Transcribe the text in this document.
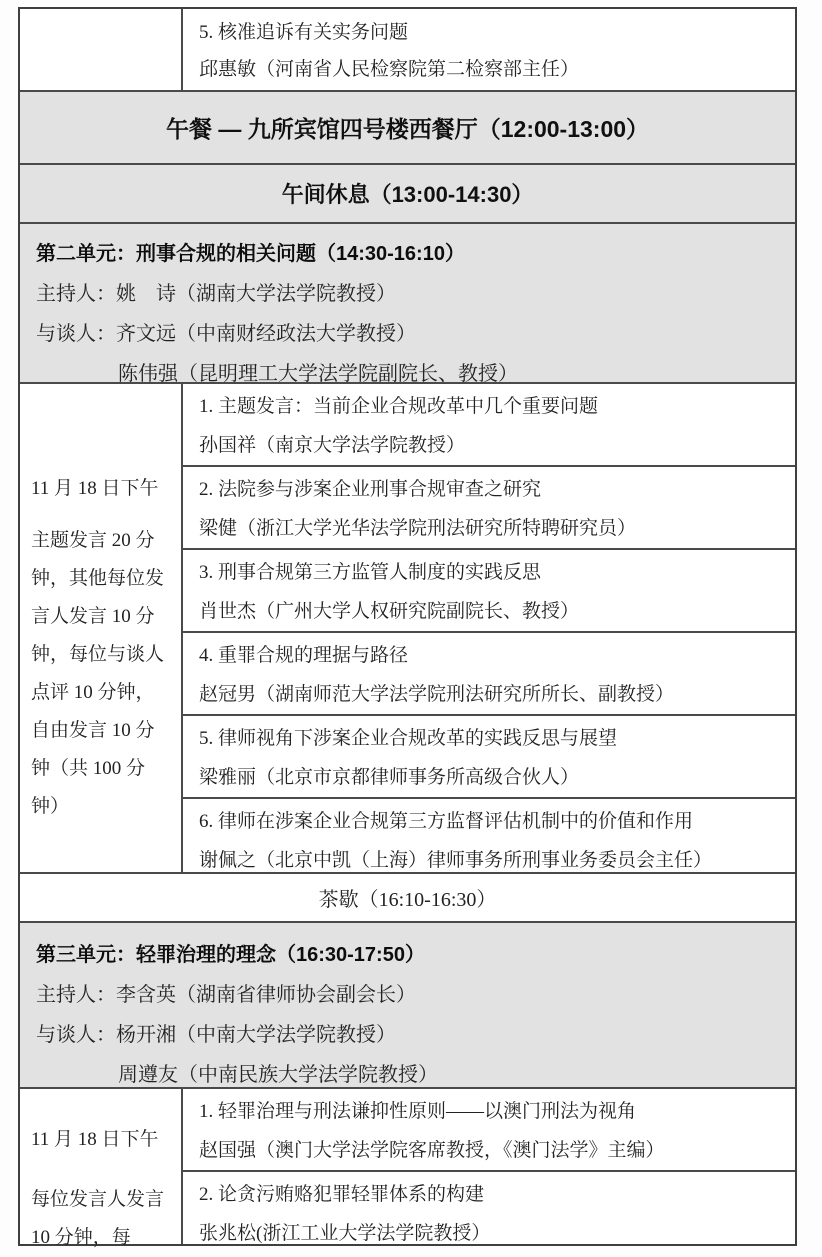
5. 核准追诉有关实务问题

邱惠敏（河南省人民检察院第二检察部主任）

午餐 — 九所宾馆四号楼西餐厅（12:00-13:00）
午间休息（13:00-14:30）

第二单元：刑事合规的相关问题（14:30-16:10）

主持人：姚　诗（湖南大学法学院教授）

与谈人：齐文远（中南财经政法大学教授）

陈伟强（昆明理工大学法学院副院长、教授）

11 月 18 日下午

主题发言 20 分钟，其他每位发言人发言 10 分钟，每位与谈人点评 10 分钟，自由发言 10 分钟（共 100 分钟）

1. 主题发言：当前企业合规改革中几个重要问题

孙国祥（南京大学法学院教授）

2. 法院参与涉案企业刑事合规审查之研究

梁健（浙江大学光华法学院刑法研究所特聘研究员）

3. 刑事合规第三方监管人制度的实践反思

肖世杰（广州大学人权研究院副院长、教授）

4. 重罪合规的理据与路径

赵冠男（湖南师范大学法学院刑法研究所所长、副教授）

5. 律师视角下涉案企业合规改革的实践反思与展望

梁雅丽（北京市京都律师事务所高级合伙人）

6. 律师在涉案企业合规第三方监督评估机制中的价值和作用

谢佩之（北京中凯（上海）律师事务所刑事业务委员会主任）

茶歇（16:10-16:30）

第三单元：轻罪治理的理念（16:30-17:50）

主持人：李含英（湖南省律师协会副会长）

与谈人：杨开湘（中南大学法学院教授）

周遵友（中南民族大学法学院教授）

11 月 18 日下午

每位发言人发言 10 分钟，每

1. 轻罪治理与刑法谦抑性原则——以澳门刑法为视角

赵国强（澳门大学法学院客席教授，《澳门法学》主编）

2. 论贪污贿赂犯罪轻罪体系的构建

张兆松(浙江工业大学法学院教授）
